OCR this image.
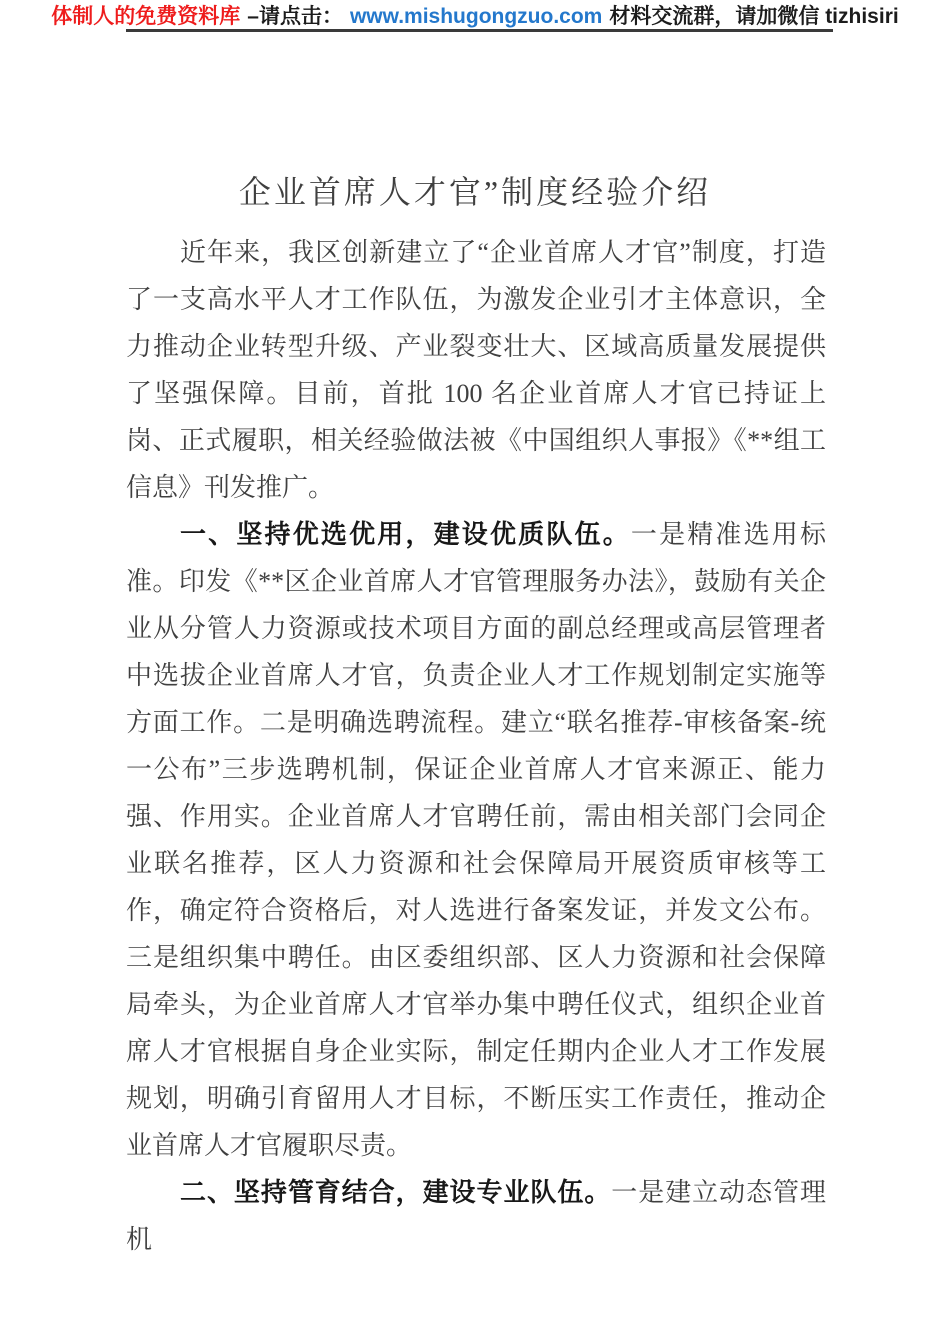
体制人的免费资料库 –请点击： www.mishugongzuo.com 材料交流群，请加微信 tizhisiri
企业首席人才官”制度经验介绍

近年来，我区创新建立了“企业首席人才官”制度，打造了一支高水平人才工作队伍，为激发企业引才主体意识，全力推动企业转型升级、产业裂变壮大、区域高质量发展提供了坚强保障。目前，首批 100 名企业首席人才官已持证上岗、正式履职，相关经验做法被《中国组织人事报》《**组工信息》刊发推广。

一、坚持优选优用，建设优质队伍。一是精准选用标准。印发《**区企业首席人才官管理服务办法》，鼓励有关企业从分管人力资源或技术项目方面的副总经理或高层管理者中选拔企业首席人才官，负责企业人才工作规划制定实施等方面工作。二是明确选聘流程。建立“联名推荐-审核备案-统一公布”三步选聘机制，保证企业首席人才官来源正、能力强、作用实。企业首席人才官聘任前，需由相关部门会同企业联名推荐，区人力资源和社会保障局开展资质审核等工作，确定符合资格后，对人选进行备案发证，并发文公布。三是组织集中聘任。由区委组织部、区人力资源和社会保障局牵头，为企业首席人才官举办集中聘任仪式，组织企业首席人才官根据自身企业实际，制定任期内企业人才工作发展规划，明确引育留用人才目标，不断压实工作责任，推动企业首席人才官履职尽责。

二、坚持管育结合，建设专业队伍。一是建立动态管理机
